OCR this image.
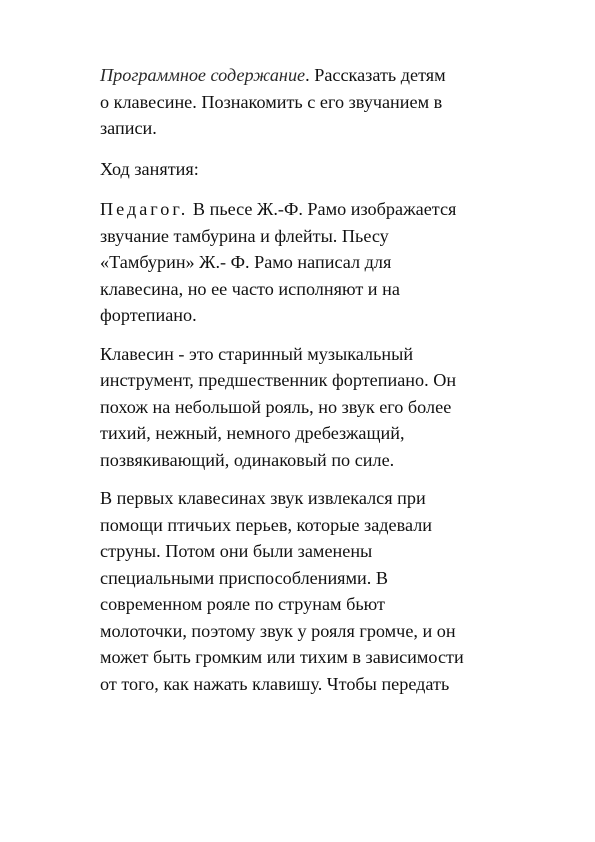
Программное содержание. Рассказать детям
о клавесине. Познакомить с его звучанием в
записи.

Ход занятия:

Педагог. В пьесе Ж.-Ф. Рамо изображается
звучание тамбурина и флейты. Пьесу
«Тамбурин» Ж.- Ф. Рамо написал для
клавесина, но ее часто исполняют и на
фортепиано.

Клавесин - это старинный музыкальный
инструмент, предшественник фортепиано. Он
похож на небольшой рояль, но звук его более
тихий, нежный, немного дребезжащий,
позвякивающий, одинаковый по силе.

В первых клавесинах звук извлекался при
помощи птичьих перьев, которые задевали
струны. Потом они были заменены
специальными приспособлениями. В
современном рояле по струнам бьют
молоточки, поэтому звук у рояля громче, и он
может быть громким или тихим в зависимости
от того, как нажать клавишу. Чтобы передать
